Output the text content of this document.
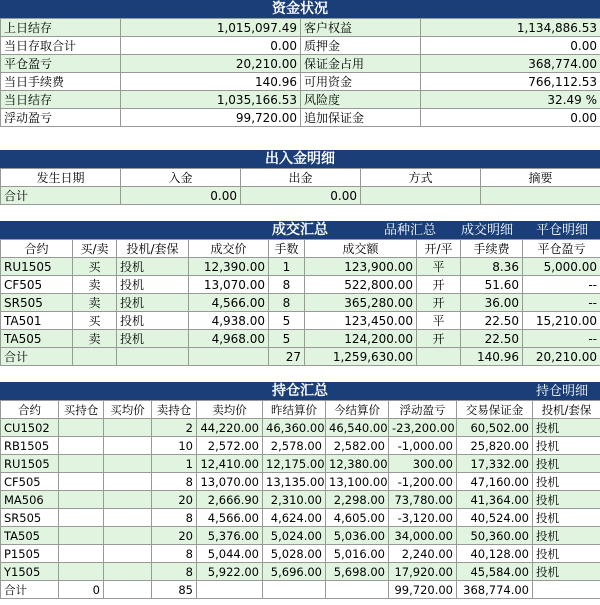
资金状况
上日结存	1,015,097.49	客户权益	1,134,886.53
当日存取合计	0.00	质押金	0.00
平仓盈亏	20,210.00	保证金占用	368,774.00
当日手续费	140.96	可用资金	766,112.53
当日结存	1,035,166.53	风险度	32.49 %
浮动盈亏	99,720.00	追加保证金	0.00
出入金明细
发生日期	入金	出金	方式	摘要
合计	0.00	0.00		
成交汇总	品种汇总 成交明细 平仓明细
合约	买/卖	投机/套保	成交价	手数	成交额	开/平	手续费	平仓盈亏
RU1505	买	投机	12,390.00	1	123,900.00	平	8.36	5,000.00
CF505	卖	投机	13,070.00	8	522,800.00	开	51.60	--
SR505	卖	投机	4,566.00	8	365,280.00	开	36.00	--
TA501	买	投机	4,938.00	5	123,450.00	平	22.50	15,210.00
TA505	卖	投机	4,968.00	5	124,200.00	开	22.50	--
合计				27	1,259,630.00		140.96	20,210.00
持仓汇总	持仓明细
合约	买持仓	买均价	卖持仓	卖均价	昨结算价	今结算价	浮动盈亏	交易保证金	投机/套保
CU1502			2	44,220.00	46,360.00	46,540.00	-23,200.00	60,502.00	投机
RB1505			10	2,572.00	2,578.00	2,582.00	-1,000.00	25,820.00	投机
RU1505			1	12,410.00	12,175.00	12,380.00	300.00	17,332.00	投机
CF505			8	13,070.00	13,135.00	13,100.00	-1,200.00	47,160.00	投机
MA506			20	2,666.90	2,310.00	2,298.00	73,780.00	41,364.00	投机
SR505			8	4,566.00	4,624.00	4,605.00	-3,120.00	40,524.00	投机
TA505			20	5,376.00	5,024.00	5,036.00	34,000.00	50,360.00	投机
P1505			8	5,044.00	5,028.00	5,016.00	2,240.00	40,128.00	投机
Y1505			8	5,922.00	5,696.00	5,698.00	17,920.00	45,584.00	投机
合计	0		85				99,720.00	368,774.00	
